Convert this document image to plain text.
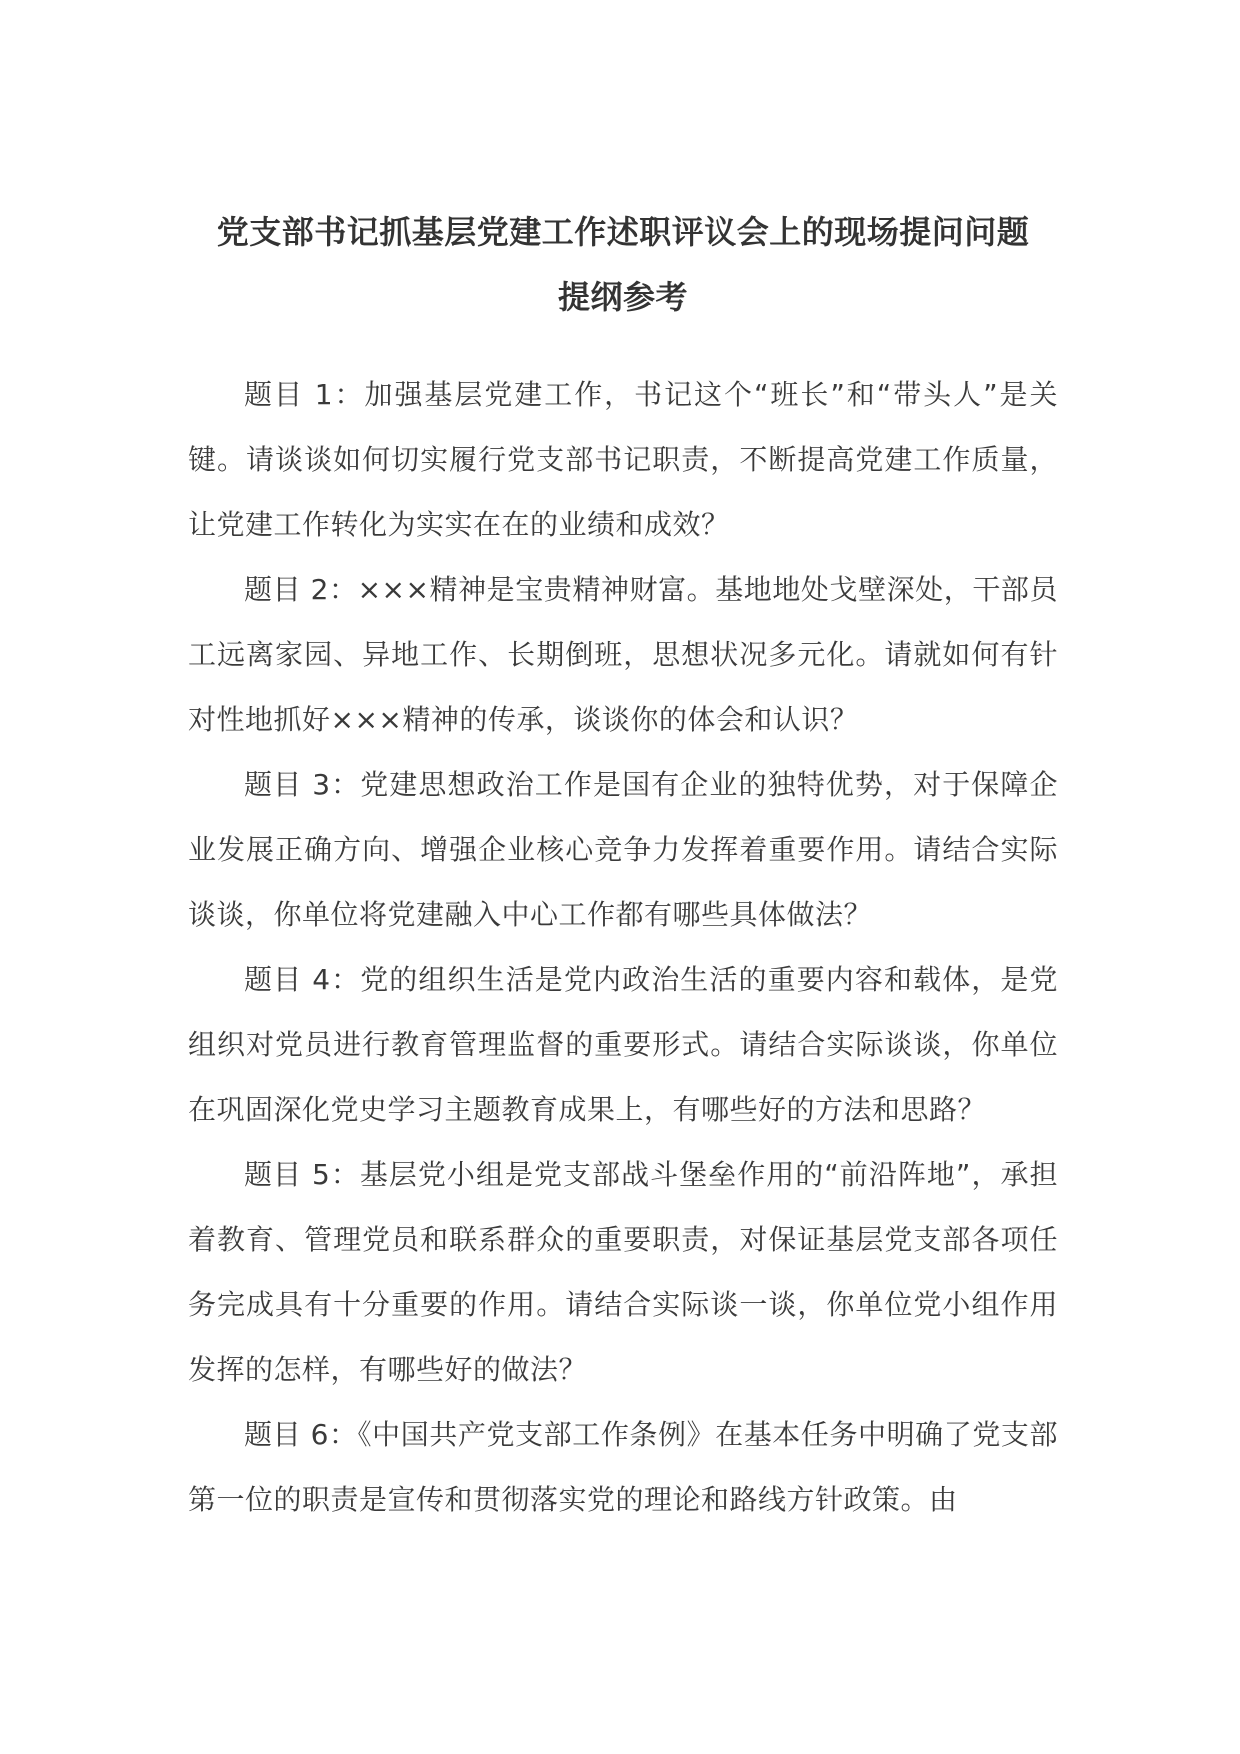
党支部书记抓基层党建工作述职评议会上的现场提问问题
提纲参考

题目 1：加强基层党建工作，书记这个“班长”和“带头人”是关键。请谈谈如何切实履行党支部书记职责，不断提高党建工作质量，让党建工作转化为实实在在的业绩和成效？

题目 2：×××精神是宝贵精神财富。基地地处戈壁深处，干部员工远离家园、异地工作、长期倒班，思想状况多元化。请就如何有针对性地抓好×××精神的传承，谈谈你的体会和认识？

题目 3：党建思想政治工作是国有企业的独特优势，对于保障企业发展正确方向、增强企业核心竞争力发挥着重要作用。请结合实际谈谈，你单位将党建融入中心工作都有哪些具体做法？

题目 4：党的组织生活是党内政治生活的重要内容和载体，是党组织对党员进行教育管理监督的重要形式。请结合实际谈谈，你单位在巩固深化党史学习主题教育成果上，有哪些好的方法和思路？

题目 5：基层党小组是党支部战斗堡垒作用的“前沿阵地”，承担着教育、管理党员和联系群众的重要职责，对保证基层党支部各项任务完成具有十分重要的作用。请结合实际谈一谈，你单位党小组作用发挥的怎样，有哪些好的做法？

题目 6：《中国共产党支部工作条例》在基本任务中明确了党支部第一位的职责是宣传和贯彻落实党的理论和路线方针政策。由
